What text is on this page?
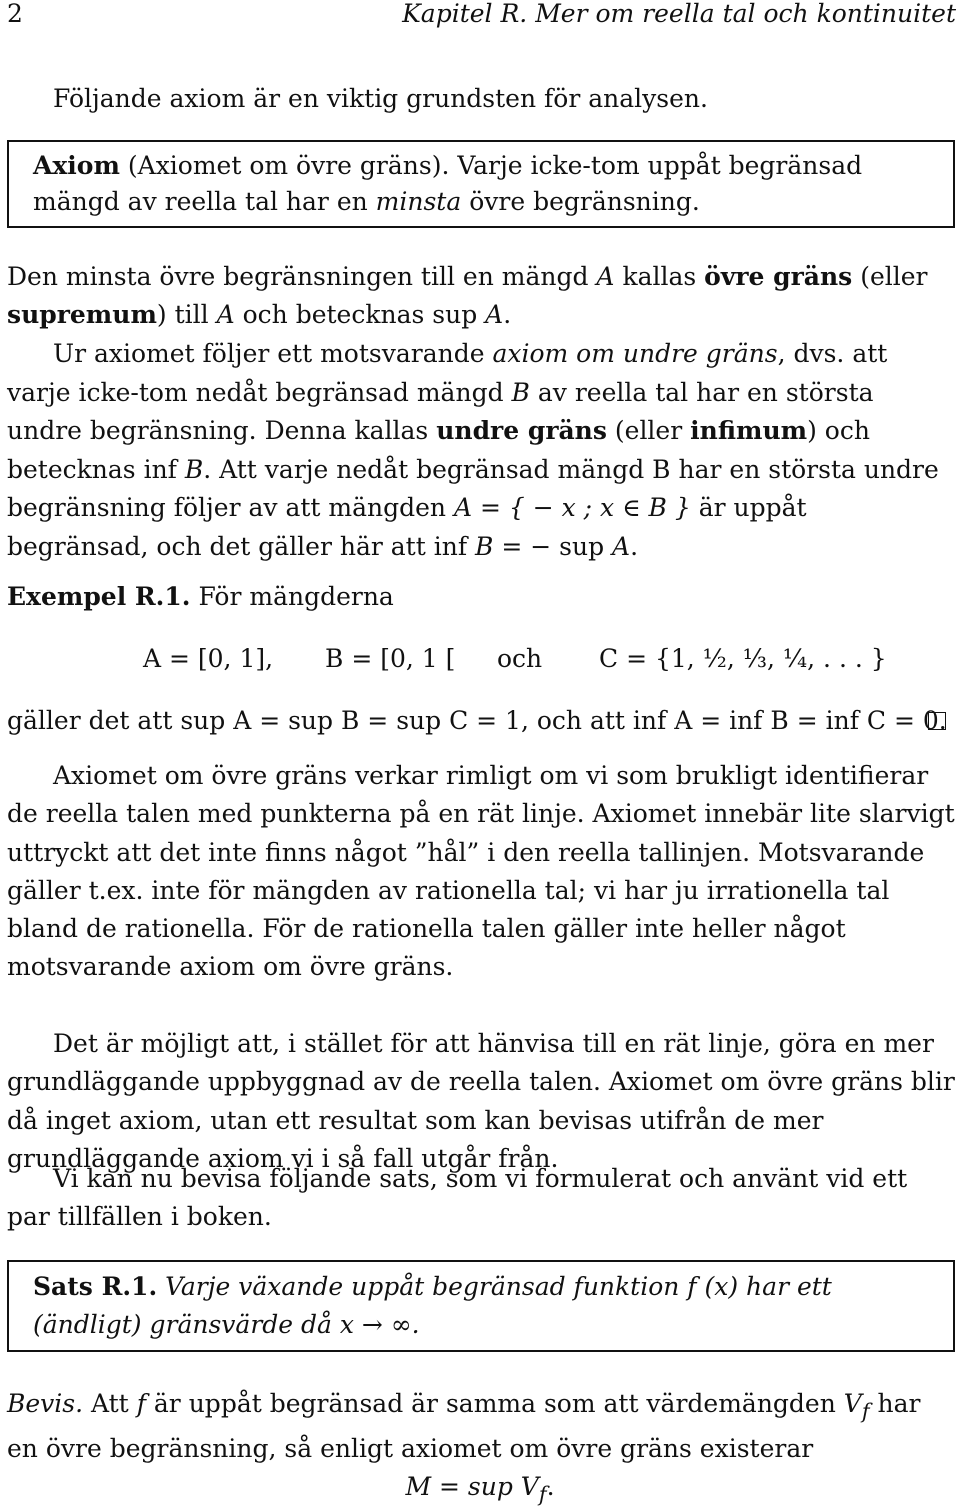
2	Kapitel R. Mer om reella tal och kontinuitet

Följande axiom är en viktig grundsten för analysen.

Axiom (Axiomet om övre gräns). Varje icke-tom uppåt begränsad mängd av reella tal har en minsta övre begränsning.

Den minsta övre begränsningen till en mängd A kallas övre gräns (eller supremum) till A och betecknas sup A.

Ur axiomet följer ett motsvarande axiom om undre gräns, dvs. att varje icke-tom nedåt begränsad mängd B av reella tal har en största undre begränsning. Denna kallas undre gräns (eller infimum) och betecknas inf B. Att varje nedåt begränsad mängd B har en största undre begränsning följer av att mängden A = { − x ; x ∈ B } är uppåt begränsad, och det gäller här att inf B = − sup A.

Exempel R.1. För mängderna

A = [0, 1], B = [0, 1 [ och C = {1, ½, ⅓, ¼, . . . }

gäller det att sup A = sup B = sup C = 1, och att inf A = inf B = inf C = 0.

Axiomet om övre gräns verkar rimligt om vi som brukligt identifierar de reella talen med punkterna på en rät linje. Axiomet innebär lite slarvigt uttryckt att det inte finns något ”hål” i den reella tallinjen. Motsvarande gäller t.ex. inte för mängden av rationella tal; vi har ju irrationella tal bland de rationella. För de rationella talen gäller inte heller något motsvarande axiom om övre gräns.

Det är möjligt att, i stället för att hänvisa till en rät linje, göra en mer grundläggande uppbyggnad av de reella talen. Axiomet om övre gräns blir då inget axiom, utan ett resultat som kan bevisas utifrån de mer grundläggande axiom vi i så fall utgår från.

Vi kan nu bevisa följande sats, som vi formulerat och använt vid ett par tillfällen i boken.

Sats R.1. Varje växande uppåt begränsad funktion f (x) har ett (ändligt) gränsvärde då x → ∞.

Bevis. Att f är uppåt begränsad är samma som att värdemängden $V_f$ har en övre begränsning, så enligt axiomet om övre gräns existerar

M = sup $V_f$.
